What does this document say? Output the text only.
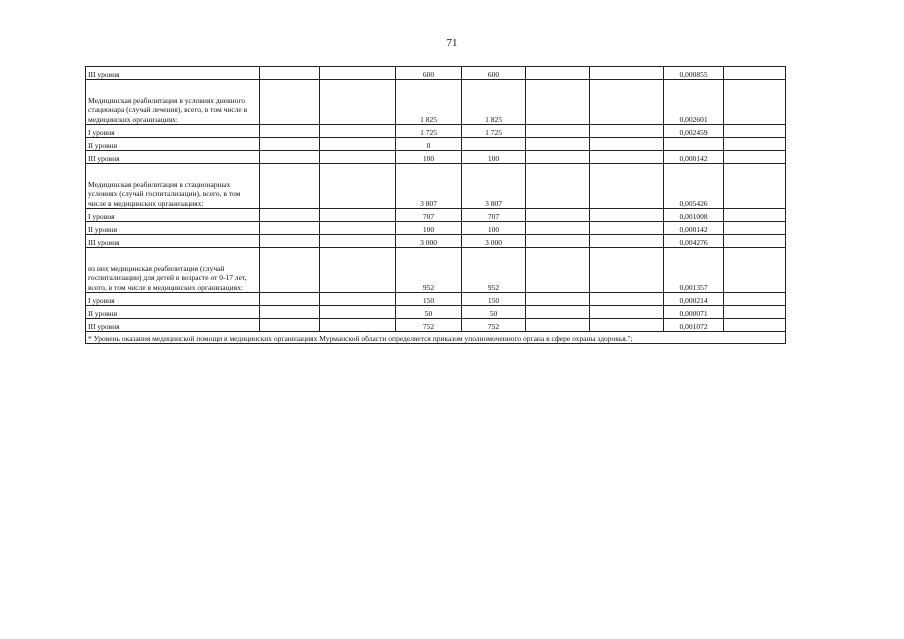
71
III уровня			600	600				0,000855	
Медицинская реабилитация в условиях дневного стационара (случай лечения), всего, в том числе в медицинских организациях:			1 825	1 825				0,002601	
I уровня			1 725	1 725				0,002459	
II уровня			0						
III уровня			100	100				0,000142	
Медицинская реабилитация в стационарных условиях (случай госпитализации), всего, в том числе в медицинских организациях:			3 807	3 807				0,005426	
I уровня			707	707				0,001008	
II уровня			100	100				0,000142	
III уровня			3 000	3 000				0,004276	
из них медицинская реабилитация (случай госпитализации) для детей в возрасте от 0-17 лет, всего, в том числе в медицинских организациях:			952	952				0,001357	
I уровня			150	150				0,000214	
II уровня			50	50				0,000071	
III уровня			752	752				0,001072	
* Уровень оказания медицинской помощи в медицинских организациях Мурманской области определяется приказом уполномоченного органа в сфере охраны здоровья.";								
